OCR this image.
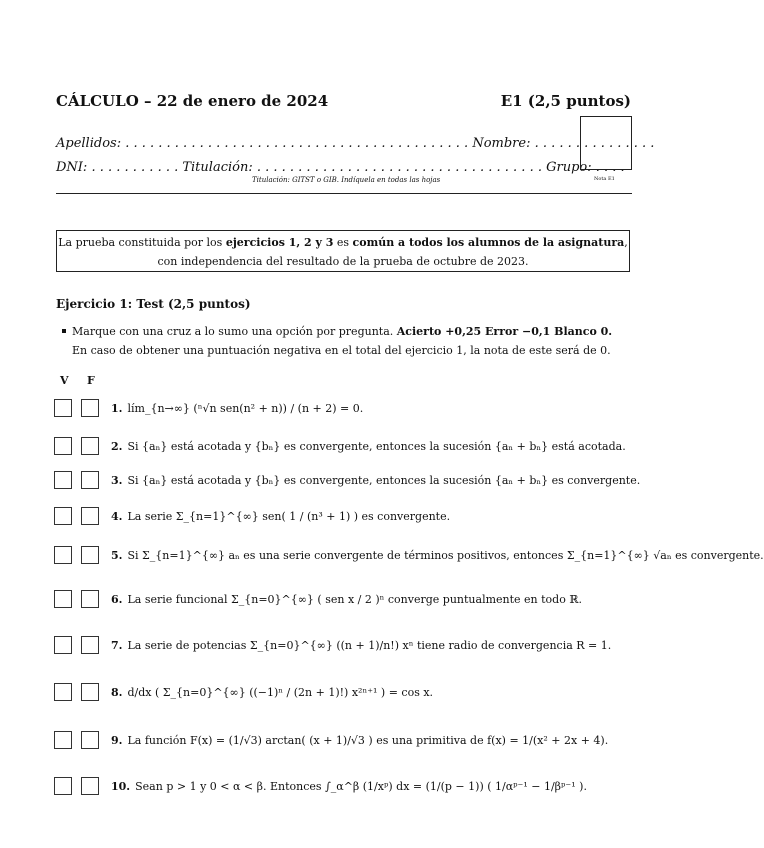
CÁLCULO – 22 de enero de 2024	E1 (2,5 puntos)
Apellidos: . . . . . . . . . . . . . . . . . . . . . . . . . . . . . . . . . . . . . . . . . . Nombre: . . . . . . . . . . . . . . .
DNI: . . . . . . . . . . . Titulación: . . . . . . . . . . . . . . . . . . . . . . . . . . . . . . . . . . . Grupo: . . . .
Titulación: GITST o GIB. Indíquela en todas las hojas	Nota E1
La prueba constituida por los ejercicios 1, 2 y 3 es común a todos los alumnos de la asignatura,
con independencia del resultado de la prueba de octubre de 2023.
Ejercicio 1: Test (2,5 puntos)
Marque con una cruz a lo sumo una opción por pregunta. Acierto +0,25 Error −0,1 Blanco 0.
En caso de obtener una puntuación negativa en el total del ejercicio 1, la nota de este será de 0.
V F
1. lím_{n→∞} (ⁿ√n sen(n² + n)) / (n + 2) = 0.
2. Si {aₙ} está acotada y {bₙ} es convergente, entonces la sucesión {aₙ + bₙ} está acotada.
3. Si {aₙ} está acotada y {bₙ} es convergente, entonces la sucesión {aₙ + bₙ} es convergente.
4. La serie Σ_{n=1}^{∞} sen( 1 / (n³ + 1) ) es convergente.
5. Si Σ_{n=1}^{∞} aₙ es una serie convergente de términos positivos, entonces Σ_{n=1}^{∞} √aₙ es convergente.
6. La serie funcional Σ_{n=0}^{∞} ( sen x / 2 )ⁿ converge puntualmente en todo ℝ.
7. La serie de potencias Σ_{n=0}^{∞} ((n + 1)/n!) xⁿ tiene radio de convergencia R = 1.
8. d/dx ( Σ_{n=0}^{∞} ((−1)ⁿ / (2n + 1)!) x²ⁿ⁺¹ ) = cos x.
9. La función F(x) = (1/√3) arctan( (x + 1)/√3 ) es una primitiva de f(x) = 1/(x² + 2x + 4).
10. Sean p > 1 y 0 < α < β. Entonces ∫_α^β (1/xᵖ) dx = (1/(p − 1)) ( 1/αᵖ⁻¹ − 1/βᵖ⁻¹ ).
